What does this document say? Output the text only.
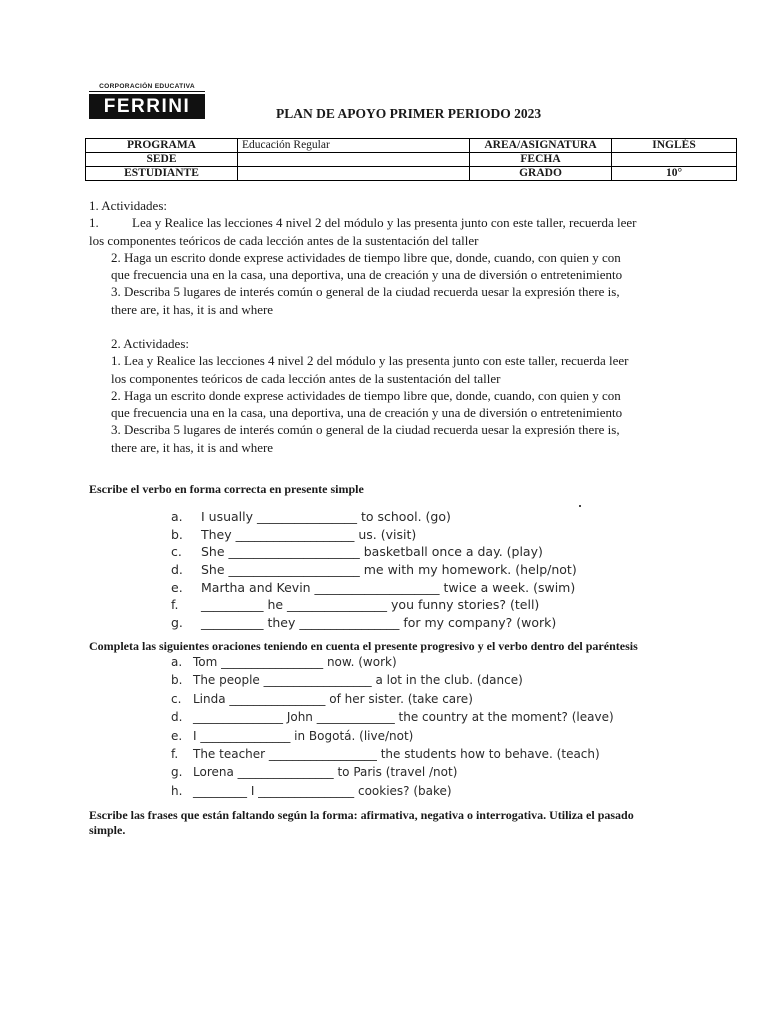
CORPORACIÓN EDUCATIVA
FERRINI	PLAN DE APOYO PRIMER PERIODO 2023
PROGRAMA	Educación Regular	AREA/ASIGNATURA	INGLÉS
SEDE		FECHA	
ESTUDIANTE		GRADO	10°
1. Actividades:
1.	Lea y Realice las lecciones 4 nivel 2 del módulo y las presenta junto con este taller, recuerda leer
los componentes teóricos de cada lección antes de la sustentación del taller
2. Haga un escrito donde exprese actividades de tiempo libre que, donde, cuando, con quien y con
que frecuencia una en la casa, una deportiva, una de creación y una de diversión o entretenimiento
3. Describa 5 lugares de interés común o general de la ciudad recuerda uesar la expresión there is,
there are, it has, it is and where
2. Actividades:
1. Lea y Realice las lecciones 4 nivel 2 del módulo y las presenta junto con este taller, recuerda leer
los componentes teóricos de cada lección antes de la sustentación del taller
2. Haga un escrito donde exprese actividades de tiempo libre que, donde, cuando, con quien y con
que frecuencia una en la casa, una deportiva, una de creación y una de diversión o entretenimiento
3. Describa 5 lugares de interés común o general de la ciudad recuerda uesar la expresión there is,
there are, it has, it is and where
Escribe el verbo en forma correcta en presente simple
a. I usually ________________ to school. (go)
b. They ___________________ us. (visit)
c. She _____________________ basketball once a day. (play)
d. She _____________________ me with my homework. (help/not)
e. Martha and Kevin ____________________ twice a week. (swim)
f. __________ he ________________ you funny stories? (tell)
g. __________ they ________________ for my company? (work)
Completa las siguientes oraciones teniendo en cuenta el presente progresivo y el verbo dentro del paréntesis
a. Tom _________________ now. (work)
b. The people __________________ a lot in the club. (dance)
c. Linda ________________ of her sister. (take care)
d. _______________ John _____________ the country at the moment? (leave)
e. I _______________ in Bogotá. (live/not)
f. The teacher __________________ the students how to behave. (teach)
g. Lorena ________________ to Paris (travel /not)
h. _________ I ________________ cookies? (bake)
Escribe las frases que están faltando según la forma: afirmativa, negativa o interrogativa. Utiliza el pasado
simple.
